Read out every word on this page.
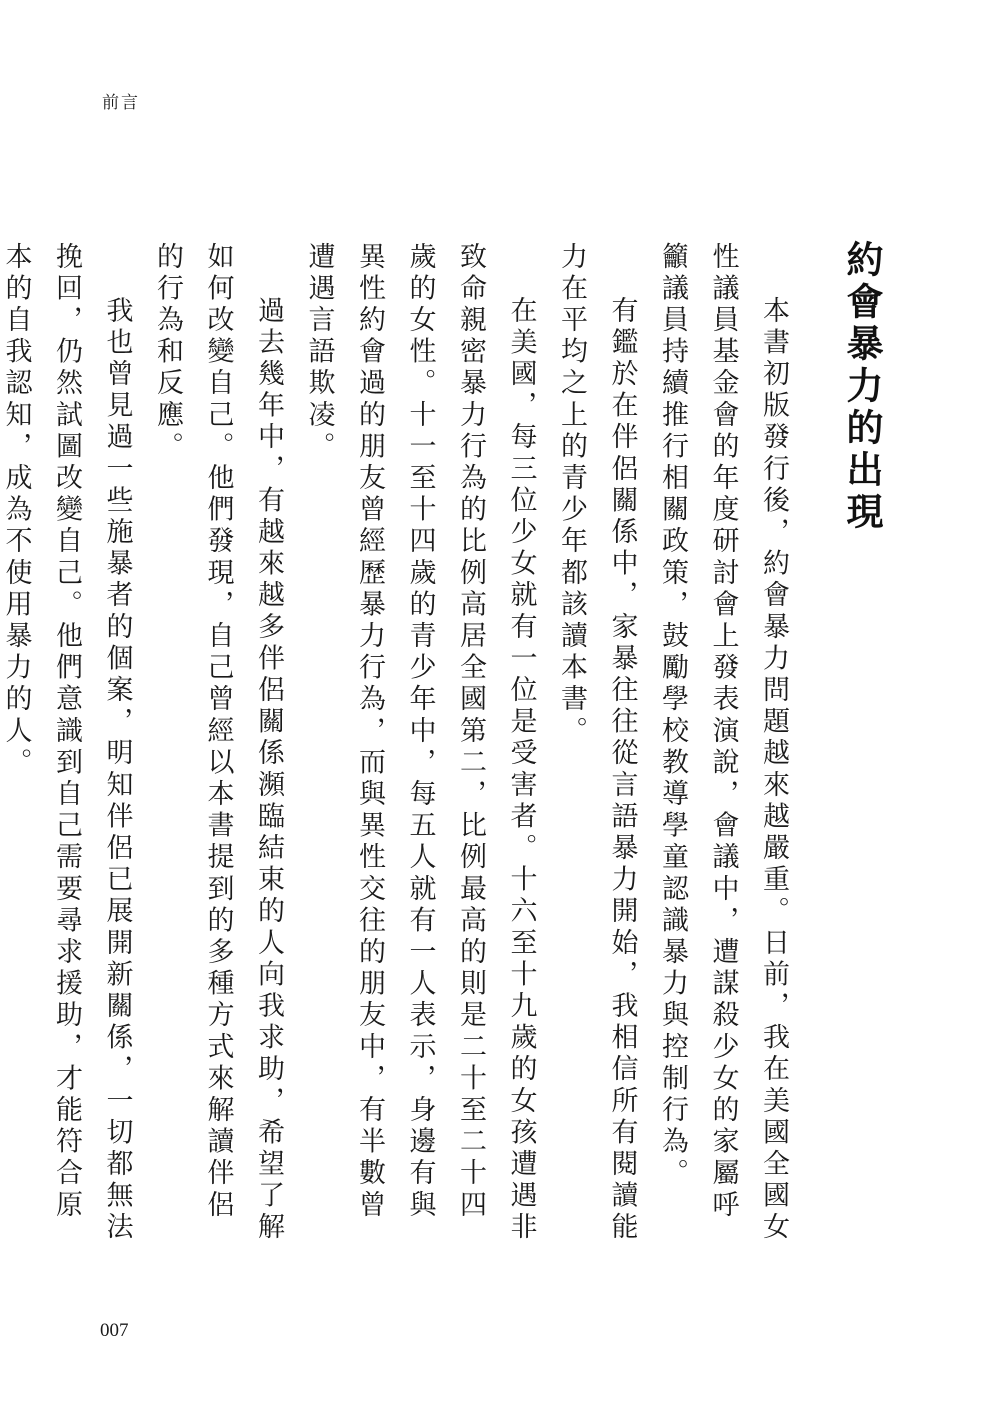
前言
約會暴力的出現

本書初版發行後，約會暴力問題越來越嚴重。日前，我在美國全國女性議員基金會的年度研討會上發表演說，會議中，遭謀殺少女的家屬呼籲議員持續推行相關政策，鼓勵學校教導學童認識暴力與控制行為。

有鑑於在伴侶關係中，家暴往往從言語暴力開始，我相信所有閱讀能力在平均之上的青少年都該讀本書。

在美國，每三位少女就有一位是受害者。十六至十九歲的女孩遭遇非致命親密暴力行為的比例高居全國第二，比例最高的則是二十至二十四歲的女性。十一至十四歲的青少年中，每五人就有一人表示，身邊有與異性約會過的朋友曾經歷暴力行為，而與異性交往的朋友中，有半數曾遭遇言語欺凌。

過去幾年中，有越來越多伴侶關係瀕臨結束的人向我求助，希望了解如何改變自己。他們發現，自己曾經以本書提到的多種方式來解讀伴侶的行為和反應。

我也曾見過一些施暴者的個案，明知伴侶已展開新關係，一切都無法挽回，仍然試圖改變自己。他們意識到自己需要尋求援助，才能符合原本的自我認知，成為不使用暴力的人。

007
